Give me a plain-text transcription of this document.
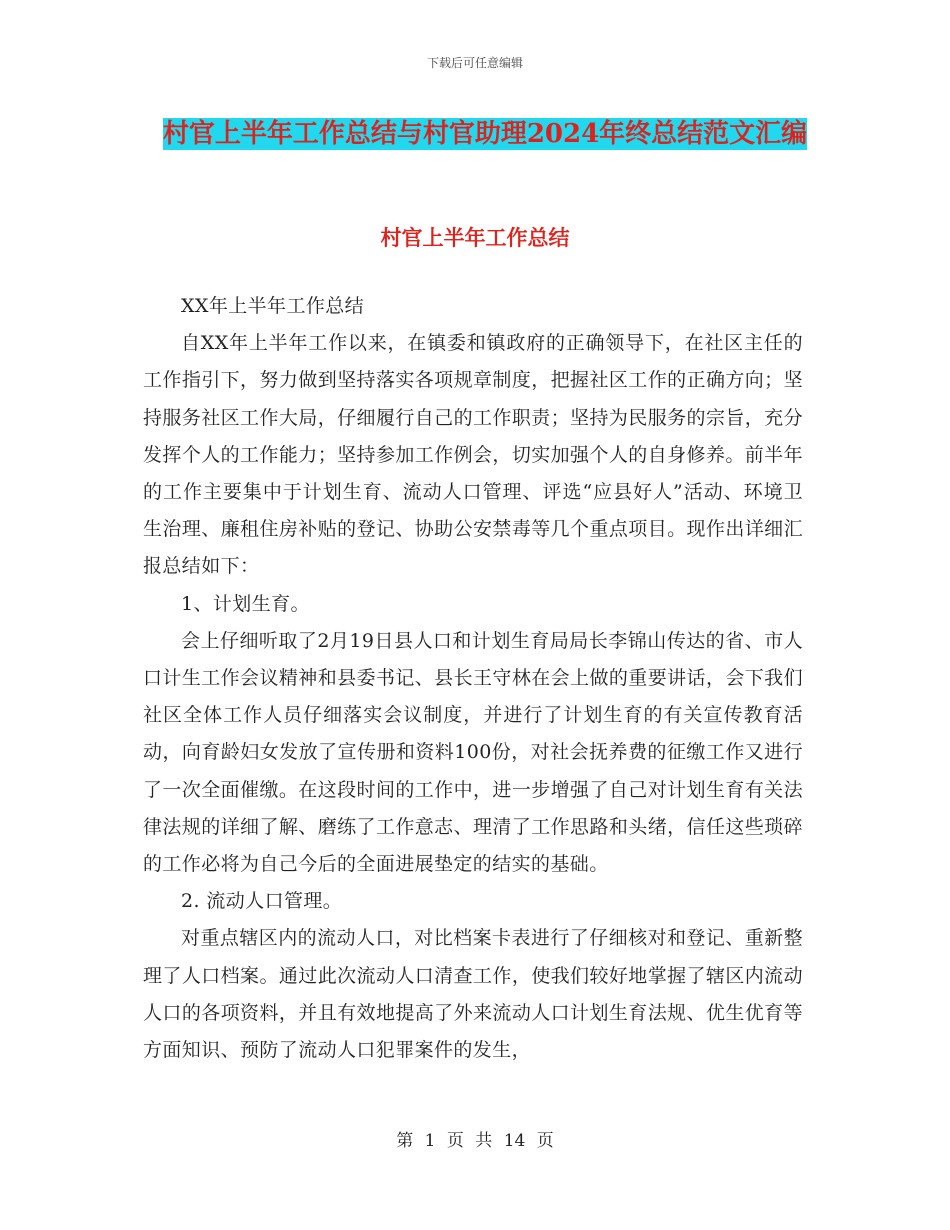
下载后可任意编辑
村官上半年工作总结与村官助理2024年终总结范文汇编
村官上半年工作总结

XX年上半年工作总结

自XX年上半年工作以来，在镇委和镇政府的正确领导下，在社区主任的工作指引下，努力做到坚持落实各项规章制度，把握社区工作的正确方向；坚持服务社区工作大局，仔细履行自己的工作职责；坚持为民服务的宗旨，充分发挥个人的工作能力；坚持参加工作例会，切实加强个人的自身修养。前半年的工作主要集中于计划生育、流动人口管理、评选“应县好人”活动、环境卫生治理、廉租住房补贴的登记、协助公安禁毒等几个重点项目。现作出详细汇报总结如下：

1、计划生育。

会上仔细听取了2月19日县人口和计划生育局局长李锦山传达的省、市人口计生工作会议精神和县委书记、县长王守林在会上做的重要讲话，会下我们社区全体工作人员仔细落实会议制度，并进行了计划生育的有关宣传教育活动，向育龄妇女发放了宣传册和资料100份，对社会抚养费的征缴工作又进行了一次全面催缴。在这段时间的工作中，进一步增强了自己对计划生育有关法律法规的详细了解、磨练了工作意志、理清了工作思路和头绪，信任这些琐碎的工作必将为自己今后的全面进展垫定的结实的基础。

2. 流动人口管理。

对重点辖区内的流动人口，对比档案卡表进行了仔细核对和登记、重新整理了人口档案。通过此次流动人口清查工作，使我们较好地掌握了辖区内流动人口的各项资料，并且有效地提高了外来流动人口计划生育法规、优生优育等方面知识、预防了流动人口犯罪案件的发生，

第 1 页 共 14 页
